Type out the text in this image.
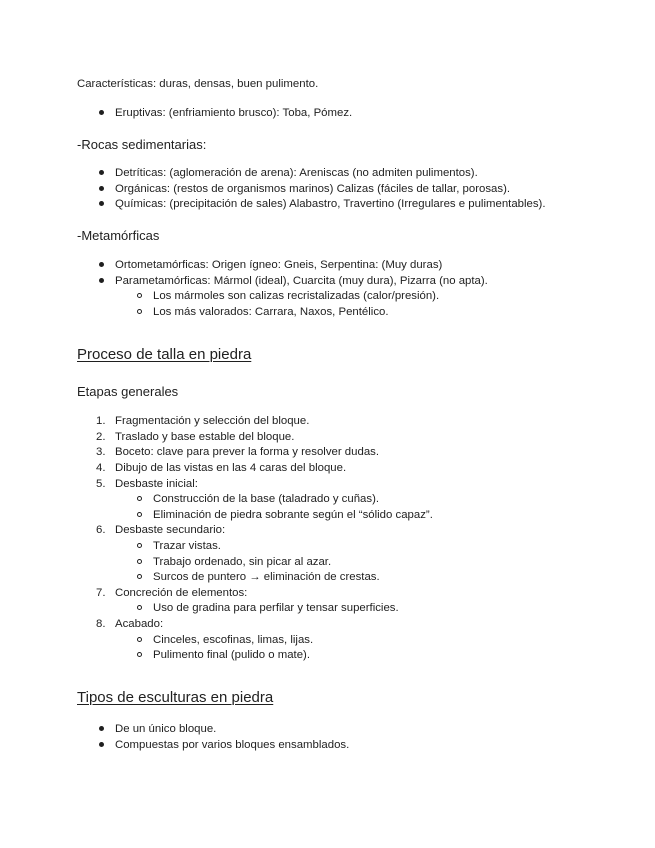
Características: duras, densas, buen pulimento.
Eruptivas: (enfriamiento brusco): Toba, Pómez.
-Rocas sedimentarias:
Detríticas: (aglomeración de arena): Areniscas (no admiten pulimentos).
Orgánicas: (restos de organismos marinos) Calizas (fáciles de tallar, porosas).
Químicas: (precipitación de sales) Alabastro, Travertino (Irregulares e pulimentables).
-Metamórficas
Ortometamórficas: Origen ígneo: Gneis, Serpentina: (Muy duras)
Parametamórficas: Mármol (ideal), Cuarcita (muy dura), Pizarra (no apta).
Los mármoles son calizas recristalizadas (calor/presión).
Los más valorados: Carrara, Naxos, Pentélico.
Proceso de talla en piedra
Etapas generales
1. Fragmentación y selección del bloque.
2. Traslado y base estable del bloque.
3. Boceto: clave para prever la forma y resolver dudas.
4. Dibujo de las vistas en las 4 caras del bloque.
5. Desbaste inicial:
Construcción de la base (taladrado y cuñas).
Eliminación de piedra sobrante según el “sólido capaz”.
6. Desbaste secundario:
Trazar vistas.
Trabajo ordenado, sin picar al azar.
Surcos de puntero → eliminación de crestas.
7. Concreción de elementos:
Uso de gradina para perfilar y tensar superficies.
8. Acabado:
Cinceles, escofinas, limas, lijas.
Pulimento final (pulido o mate).
Tipos de esculturas en piedra
De un único bloque.
Compuestas por varios bloques ensamblados.
